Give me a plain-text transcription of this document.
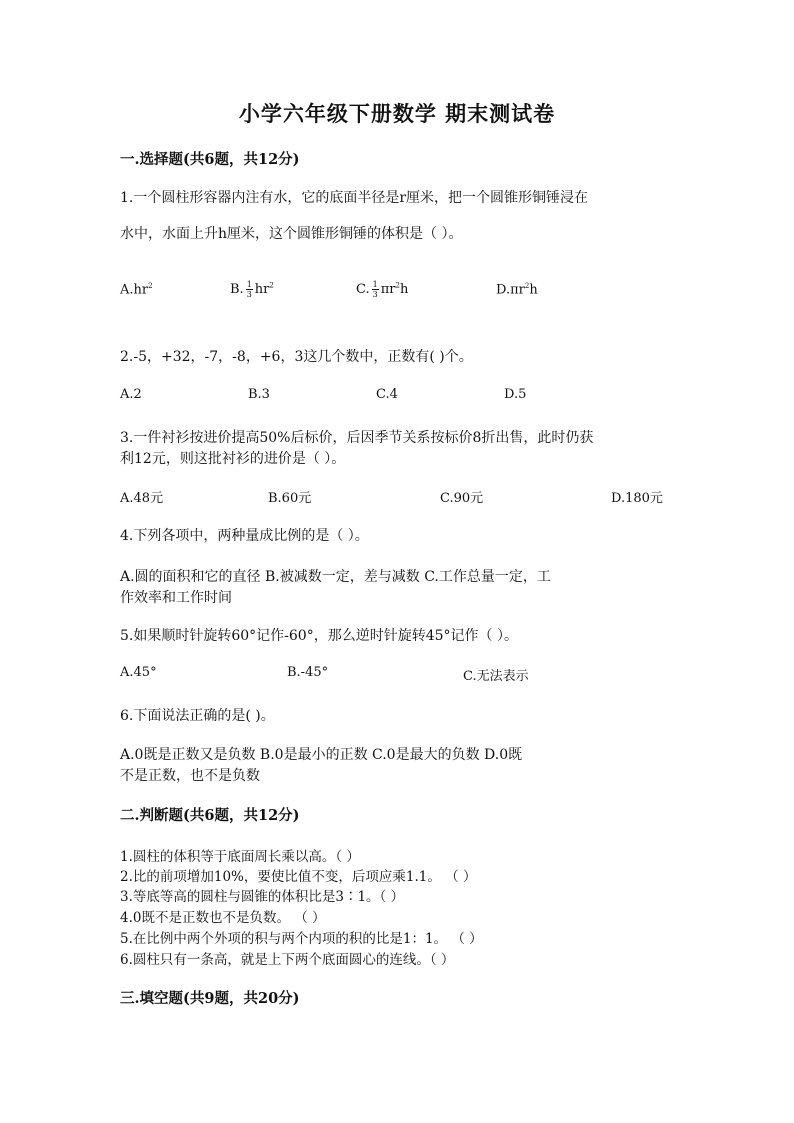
小学六年级下册数学 期末测试卷
一.选择题(共6题，共12分)
1.一个圆柱形容器内注有水，它的底面半径是r厘米，把一个圆锥形铜锤浸在
水中，水面上升h厘米，这个圆锥形铜锤的体积是（ ）。
$A.hr^2$	B. $\frac{1}{3} hr^2$	C. $\frac{1}{3} \pi r^2h$	$D.\pi r^2h$
2.-5，+32，-7，-8，+6，3这几个数中，正数有( )个。
A.2	B.3	C.4	D.5
3.一件衬衫按进价提高50%后标价，后因季节关系按标价8折出售，此时仍获
利12元，则这批衬衫的进价是（ ）。
A.48元	B.60元	C.90元	D.180元
4.下列各项中，两种量成比例的是（ ）。
A.圆的面积和它的直径 B.被减数一定，差与减数 C.工作总量一定，工
作效率和工作时间
5.如果顺时针旋转60°记作-60°，那么逆时针旋转45°记作（ ）。
A.45°	B.-45°	C.无法表示
6.下面说法正确的是( )。
A.0既是正数又是负数 B.0是最小的正数 C.0是最大的负数 D.0既
不是正数，也不是负数
二.判断题(共6题，共12分)
1.圆柱的体积等于底面周长乘以高。（ ）
2.比的前项增加10%，要使比值不变，后项应乘1.1。 （ ）
3.等底等高的圆柱与圆锥的体积比是3∶1。（ ）
4.0既不是正数也不是负数。 （ ）
5.在比例中两个外项的积与两个内项的积的比是1：1。 （ ）
6.圆柱只有一条高，就是上下两个底面圆心的连线。（ ）
三.填空题(共9题，共20分)
